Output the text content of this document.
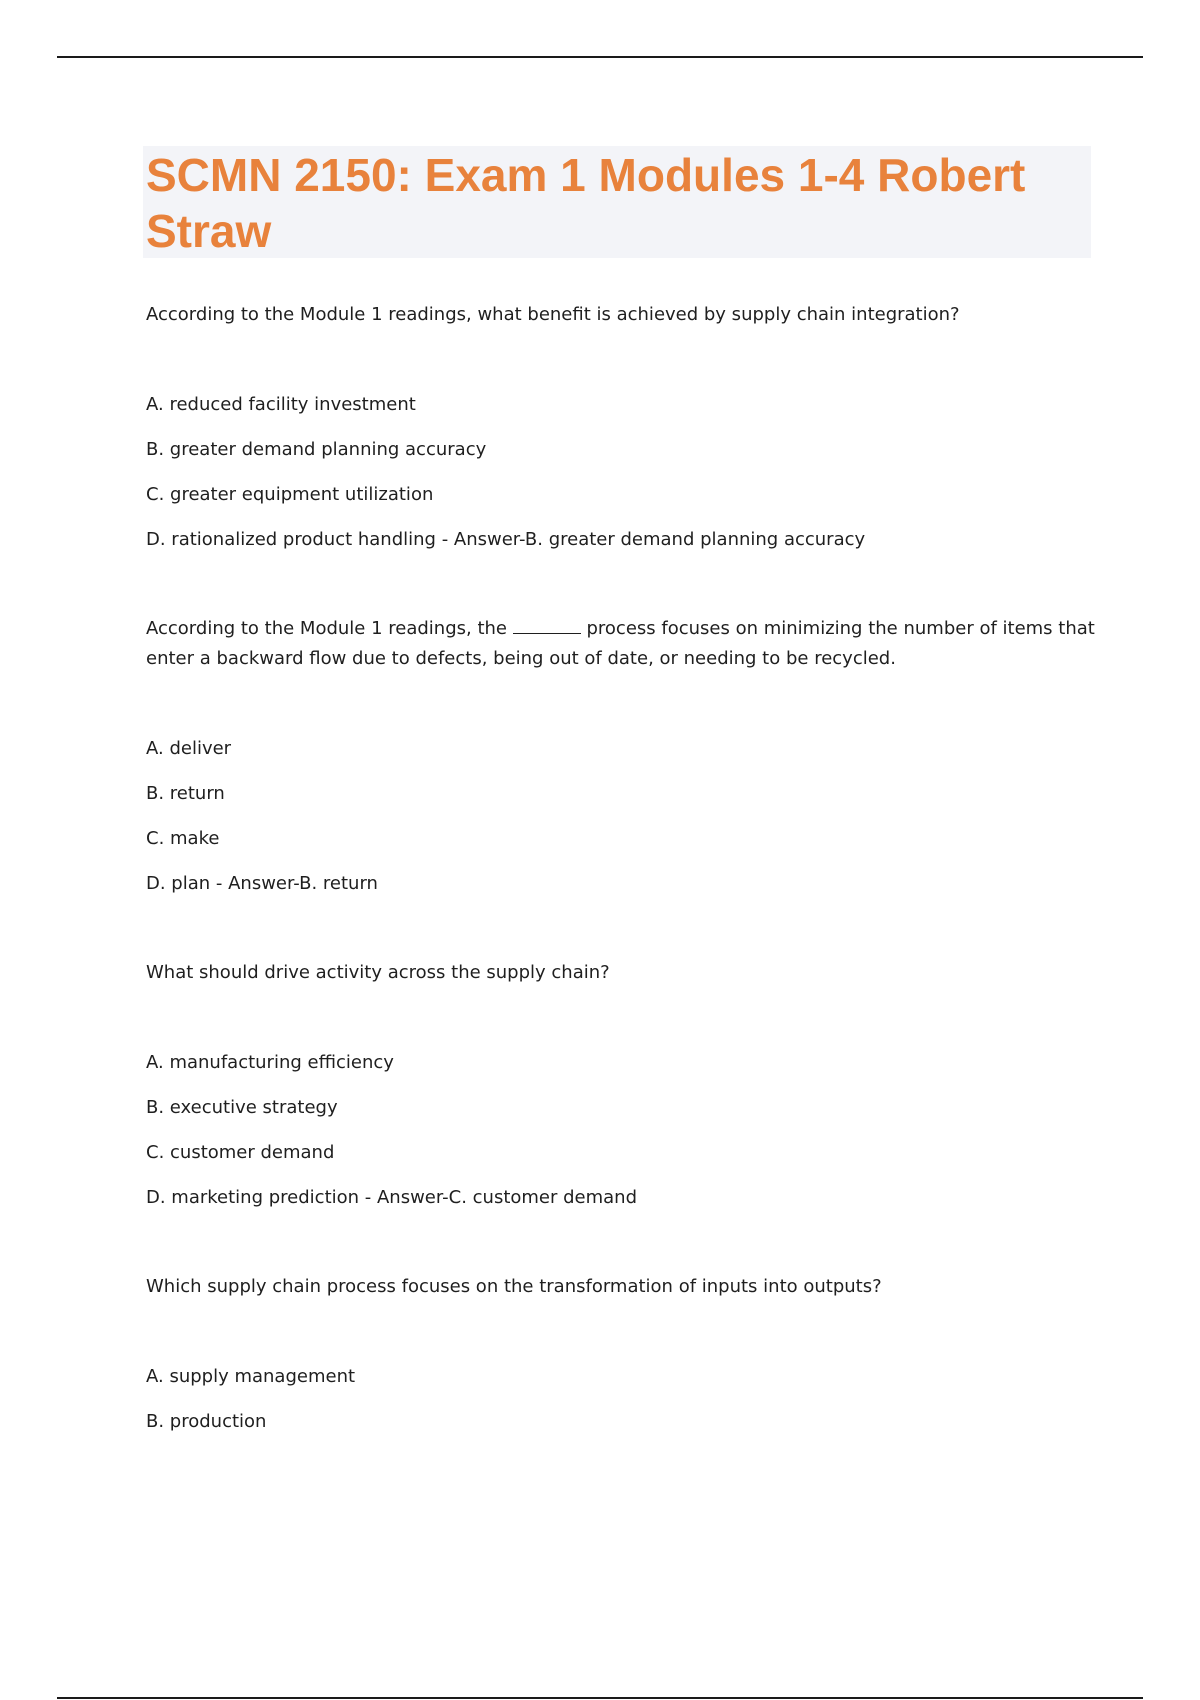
SCMN 2150: Exam 1 Modules 1-4 Robert Straw

According to the Module 1 readings, what benefit is achieved by supply chain integration?

A. reduced facility investment

B. greater demand planning accuracy

C. greater equipment utilization

D. rationalized product handling - Answer-B. greater demand planning accuracy

According to the Module 1 readings, the	process focuses on minimizing the number of items that enter a backward flow due to defects, being out of date, or needing to be recycled.

A. deliver

B. return

C. make

D. plan - Answer-B. return

What should drive activity across the supply chain?

A. manufacturing efficiency

B. executive strategy

C. customer demand

D. marketing prediction - Answer-C. customer demand

Which supply chain process focuses on the transformation of inputs into outputs?

A. supply management

B. production
